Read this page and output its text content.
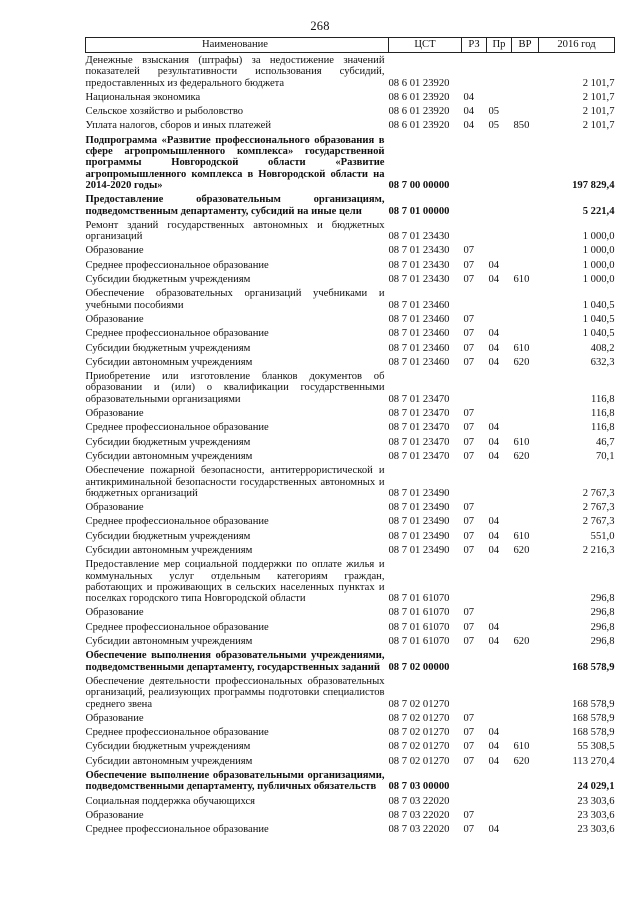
268
Наименование	ЦСТ	РЗ	Пр	ВР	2016 год

Денежные взыскания (штрафы) за недостижение значений показателей результативности использования субсидий, предоставленных из федерального бюджета	08 6 01 23920				2 101,7

Национальная экономика	08 6 01 23920	04			2 101,7

Сельское хозяйство и рыболовство	08 6 01 23920	04	05		2 101,7

Уплата налогов, сборов и иных платежей	08 6 01 23920	04	05	850	2 101,7

Подпрограмма «Развитие профессионального образования в сфере агропромышленного комплекса» государственной программы Новгородской области «Развитие агропромышленного комплекса в Новгородской области на 2014-2020 годы»	08 7 00 00000				197 829,4

Предоставление образовательным организациям, подведомственным департаменту, субсидий на иные цели	08 7 01 00000				5 221,4

Ремонт зданий государственных автономных и бюджетных организаций	08 7 01 23430				1 000,0

Образование	08 7 01 23430	07			1 000,0

Среднее профессиональное образование	08 7 01 23430	07	04		1 000,0

Субсидии бюджетным учреждениям	08 7 01 23430	07	04	610	1 000,0

Обеспечение образовательных организаций учебниками и учебными пособиями	08 7 01 23460				1 040,5

Образование	08 7 01 23460	07			1 040,5

Среднее профессиональное образование	08 7 01 23460	07	04		1 040,5

Субсидии бюджетным учреждениям	08 7 01 23460	07	04	610	408,2

Субсидии автономным учреждениям	08 7 01 23460	07	04	620	632,3

Приобретение или изготовление бланков документов об образовании и (или) о квалификации государственными образовательными организациями	08 7 01 23470				116,8

Образование	08 7 01 23470	07			116,8

Среднее профессиональное образование	08 7 01 23470	07	04		116,8

Субсидии бюджетным учреждениям	08 7 01 23470	07	04	610	46,7

Субсидии автономным учреждениям	08 7 01 23470	07	04	620	70,1

Обеспечение пожарной безопасности, антитеррористической и антикриминальной безопасности государственных автономных и бюджетных организаций	08 7 01 23490				2 767,3

Образование	08 7 01 23490	07			2 767,3

Среднее профессиональное образование	08 7 01 23490	07	04		2 767,3

Субсидии бюджетным учреждениям	08 7 01 23490	07	04	610	551,0

Субсидии автономным учреждениям	08 7 01 23490	07	04	620	2 216,3

Предоставление мер социальной поддержки по оплате жилья и коммунальных услуг отдельным категориям граждан, работающих и проживающих в сельских населенных пунктах и поселках городского типа Новгородской области	08 7 01 61070				296,8

Образование	08 7 01 61070	07			296,8

Среднее профессиональное образование	08 7 01 61070	07	04		296,8

Субсидии автономным учреждениям	08 7 01 61070	07	04	620	296,8

Обеспечение выполнения образовательными учреждениями, подведомственными департаменту, государственных заданий	08 7 02 00000				168 578,9

Обеспечение деятельности профессиональных образовательных организаций, реализующих программы подготовки специалистов среднего звена	08 7 02 01270				168 578,9

Образование	08 7 02 01270	07			168 578,9

Среднее профессиональное образование	08 7 02 01270	07	04		168 578,9

Субсидии бюджетным учреждениям	08 7 02 01270	07	04	610	55 308,5

Субсидии автономным учреждениям	08 7 02 01270	07	04	620	113 270,4

Обеспечение выполнение образовательными организациями, подведомственными департаменту, публичных обязательств	08 7 03 00000				24 029,1

Социальная поддержка обучающихся	08 7 03 22020				23 303,6

Образование	08 7 03 22020	07			23 303,6

Среднее профессиональное образование	08 7 03 22020	07	04		23 303,6
